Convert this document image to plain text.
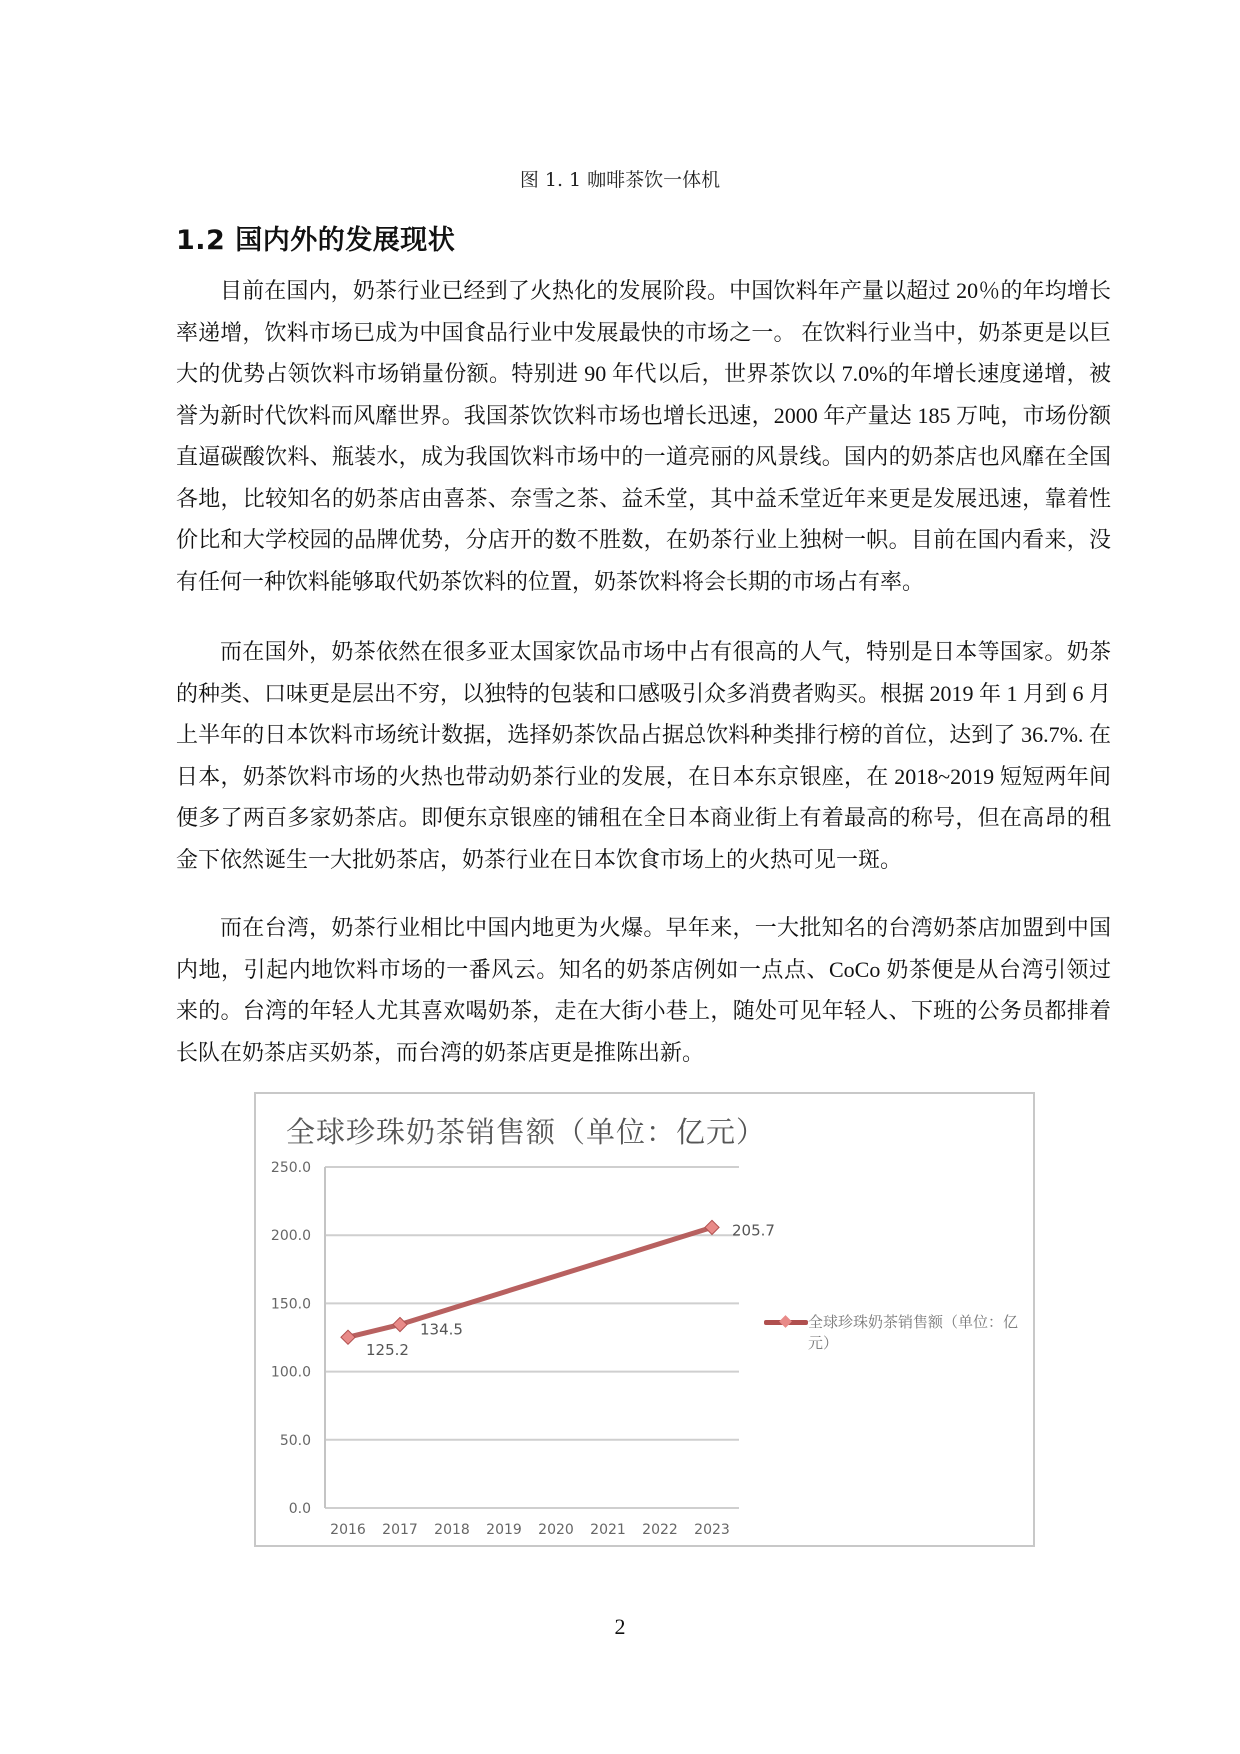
图 1. 1 咖啡茶饮一体机
1.2 国内外的发展现状

目前在国内，奶茶行业已经到了火热化的发展阶段。中国饮料年产量以超过 20％的年均增长率递增，饮料市场已成为中国食品行业中发展最快的市场之一。 在饮料行业当中，奶茶更是以巨大的优势占领饮料市场销量份额。特别进 90 年代以后，世界茶饮以 7.0%的年增长速度递增，被誉为新时代饮料而风靡世界。我国茶饮饮料市场也增长迅速，2000 年产量达 185 万吨，市场份额直逼碳酸饮料、瓶装水，成为我国饮料市场中的一道亮丽的风景线。国内的奶茶店也风靡在全国各地，比较知名的奶茶店由喜茶、奈雪之茶、益禾堂，其中益禾堂近年来更是发展迅速，靠着性价比和大学校园的品牌优势，分店开的数不胜数，在奶茶行业上独树一帜。目前在国内看来，没有任何一种饮料能够取代奶茶饮料的位置，奶茶饮料将会长期的市场占有率。

而在国外，奶茶依然在很多亚太国家饮品市场中占有很高的人气，特别是日本等国家。奶茶的种类、口味更是层出不穷，以独特的包装和口感吸引众多消费者购买。根据 2019 年 1 月到 6 月上半年的日本饮料市场统计数据，选择奶茶饮品占据总饮料种类排行榜的首位，达到了 36.7%. 在日本，奶茶饮料市场的火热也带动奶茶行业的发展，在日本东京银座，在 2018~2019 短短两年间便多了两百多家奶茶店。即便东京银座的铺租在全日本商业街上有着最高的称号，但在高昂的租金下依然诞生一大批奶茶店，奶茶行业在日本饮食市场上的火热可见一斑。

而在台湾，奶茶行业相比中国内地更为火爆。早年来，一大批知名的台湾奶茶店加盟到中国内地，引起内地饮料市场的一番风云。知名的奶茶店例如一点点、CoCo 奶茶便是从台湾引领过来的。台湾的年轻人尤其喜欢喝奶茶，走在大街小巷上，随处可见年轻人、下班的公务员都排着长队在奶茶店买奶茶，而台湾的奶茶店更是推陈出新。

全球珍珠奶茶销售额（单位：亿元）
0.0
50.0
100.0
150.0
200.0
250.0
2016 2017 2018 2019 2020 2021 2022 2023
125.2
134.5
205.7
全球珍珠奶茶销售额（单位：亿元）
2
